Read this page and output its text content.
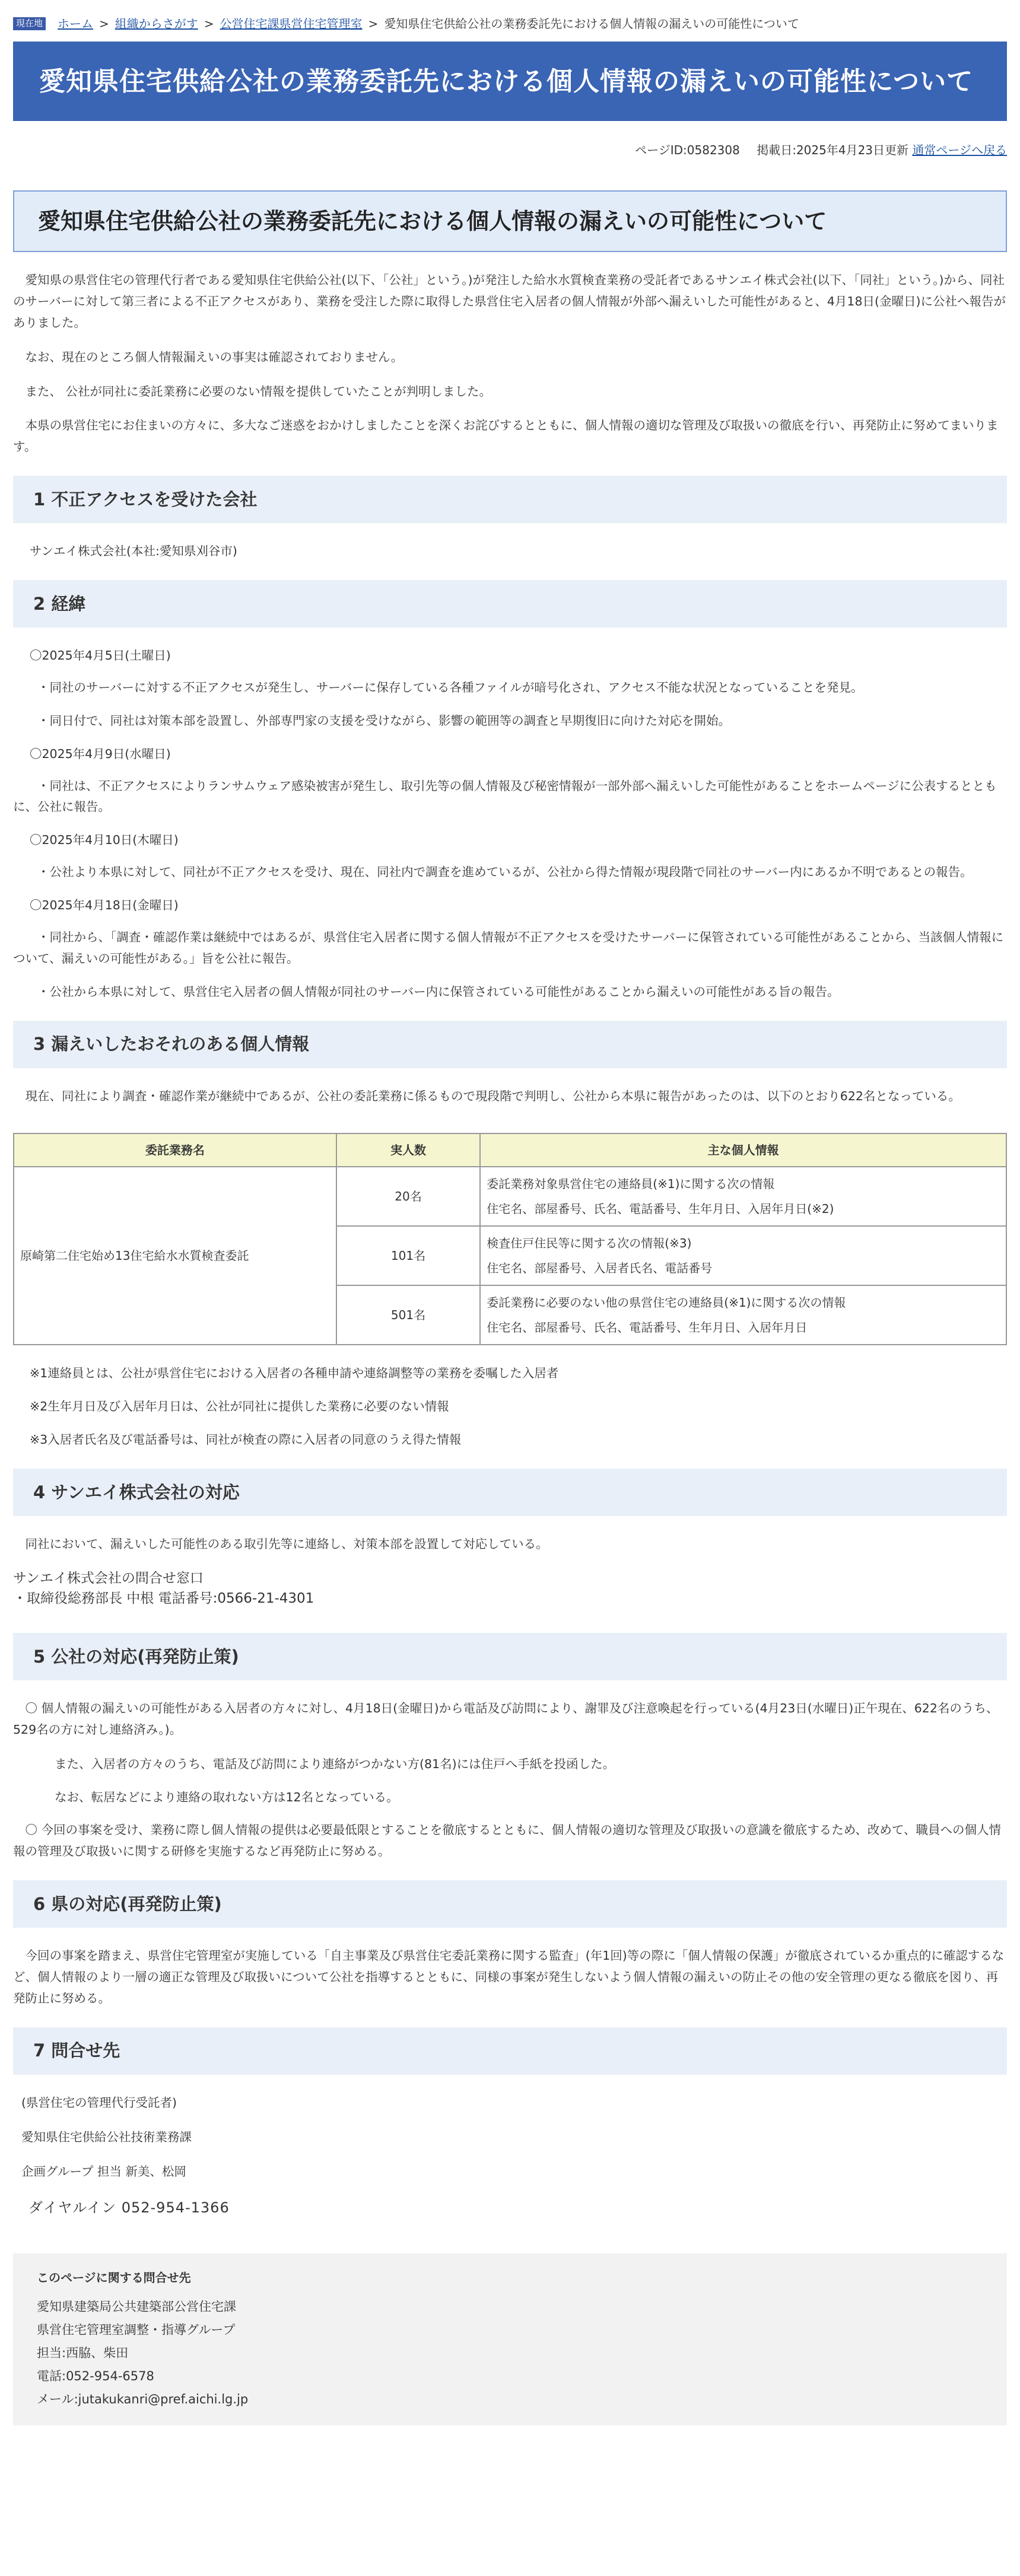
現在地 ホーム > 組織からさがす > 公営住宅課県営住宅管理室 > 愛知県住宅供給公社の業務委託先における個人情報の漏えいの可能性について
愛知県住宅供給公社の業務委託先における個人情報の漏えいの可能性について
ページID:0582308 掲載日:2025年4月23日更新 通常ページへ戻る
愛知県住宅供給公社の業務委託先における個人情報の漏えいの可能性について

愛知県の県営住宅の管理代行者である愛知県住宅供給公社(以下、「公社」という。)が発注した給水水質検査業務の受託者であるサンエイ株式会社(以下、「同社」という。)から、同社のサーバーに対して第三者による不正アクセスがあり、業務を受注した際に取得した県営住宅入居者の個人情報が外部へ漏えいした可能性があると、4月18日(金曜日)に公社へ報告がありました。

なお、現在のところ個人情報漏えいの事実は確認されておりません。

また、 公社が同社に委託業務に必要のない情報を提供していたことが判明しました。

本県の県営住宅にお住まいの方々に、多大なご迷惑をおかけしましたことを深くお詫びするとともに、個人情報の適切な管理及び取扱いの徹底を行い、再発防止に努めてまいります。

1 不正アクセスを受けた会社

サンエイ株式会社(本社:愛知県刈谷市)

2 経緯

〇2025年4月5日(土曜日)

・同社のサーバーに対する不正アクセスが発生し、サーバーに保存している各種ファイルが暗号化され、アクセス不能な状況となっていることを発見。

・同日付で、同社は対策本部を設置し、外部専門家の支援を受けながら、影響の範囲等の調査と早期復旧に向けた対応を開始。

〇2025年4月9日(水曜日)

・同社は、不正アクセスによりランサムウェア感染被害が発生し、取引先等の個人情報及び秘密情報が一部外部へ漏えいした可能性があることをホームページに公表するとともに、公社に報告。

〇2025年4月10日(木曜日)

・公社より本県に対して、同社が不正アクセスを受け、現在、同社内で調査を進めているが、公社から得た情報が現段階で同社のサーバー内にあるか不明であるとの報告。

〇2025年4月18日(金曜日)

・同社から、「調査・確認作業は継続中ではあるが、県営住宅入居者に関する個人情報が不正アクセスを受けたサーバーに保管されている可能性があることから、当該個人情報について、漏えいの可能性がある。」旨を公社に報告。

・公社から本県に対して、県営住宅入居者の個人情報が同社のサーバー内に保管されている可能性があることから漏えいの可能性がある旨の報告。

3 漏えいしたおそれのある個人情報

現在、同社により調査・確認作業が継続中であるが、公社の委託業務に係るもので現段階で判明し、公社から本県に報告があったのは、以下のとおり622名となっている。

委託業務名	実人数	主な個人情報
原崎第二住宅始め13住宅給水水質検査委託	20名	委託業務対象県営住宅の連絡員(※1)に関する次の情報
住宅名、部屋番号、氏名、電話番号、生年月日、入居年月日(※2)

	101名	検査住戸住民等に関する次の情報(※3)
住宅名、部屋番号、入居者氏名、電話番号

	501名	委託業務に必要のない他の県営住宅の連絡員(※1)に関する次の情報
住宅名、部屋番号、氏名、電話番号、生年月日、入居年月日

※1連絡員とは、公社が県営住宅における入居者の各種申請や連絡調整等の業務を委嘱した入居者

※2生年月日及び入居年月日は、公社が同社に提供した業務に必要のない情報

※3入居者氏名及び電話番号は、同社が検査の際に入居者の同意のうえ得た情報

4 サンエイ株式会社の対応

同社において、漏えいした可能性のある取引先等に連絡し、対策本部を設置して対応している。

サンエイ株式会社の問合せ窓口

・取締役総務部長 中根 電話番号:0566-21-4301

5 公社の対応(再発防止策)

〇 個人情報の漏えいの可能性がある入居者の方々に対し、4月18日(金曜日)から電話及び訪問により、謝罪及び注意喚起を行っている(4月23日(水曜日)正午現在、622名のうち、529名の方に対し連絡済み。)。

また、入居者の方々のうち、電話及び訪問により連絡がつかない方(81名)には住戸へ手紙を投函した。

なお、転居などにより連絡の取れない方は12名となっている。

〇 今回の事案を受け、業務に際し個人情報の提供は必要最低限とすることを徹底するとともに、個人情報の適切な管理及び取扱いの意識を徹底するため、改めて、職員への個人情報の管理及び取扱いに関する研修を実施するなど再発防止に努める。

6 県の対応(再発防止策)

今回の事案を踏まえ、県営住宅管理室が実施している「自主事業及び県営住宅委託業務に関する監査」(年1回)等の際に「個人情報の保護」が徹底されているか重点的に確認するなど、個人情報のより一層の適正な管理及び取扱いについて公社を指導するとともに、同様の事案が発生しないよう個人情報の漏えいの防止その他の安全管理の更なる徹底を図り、再発防止に努める。

7 問合せ先

(県営住宅の管理代行受託者)

愛知県住宅供給公社技術業務課

企画グループ 担当 新美、松岡

ダイヤルイン 052-954-1366

このページに関する問合せ先
愛知県建築局公共建築部公営住宅課
県営住宅管理室調整・指導グループ
担当:西脇、柴田
電話:052-954-6578
メール:jutakukanri@pref.aichi.lg.jp
